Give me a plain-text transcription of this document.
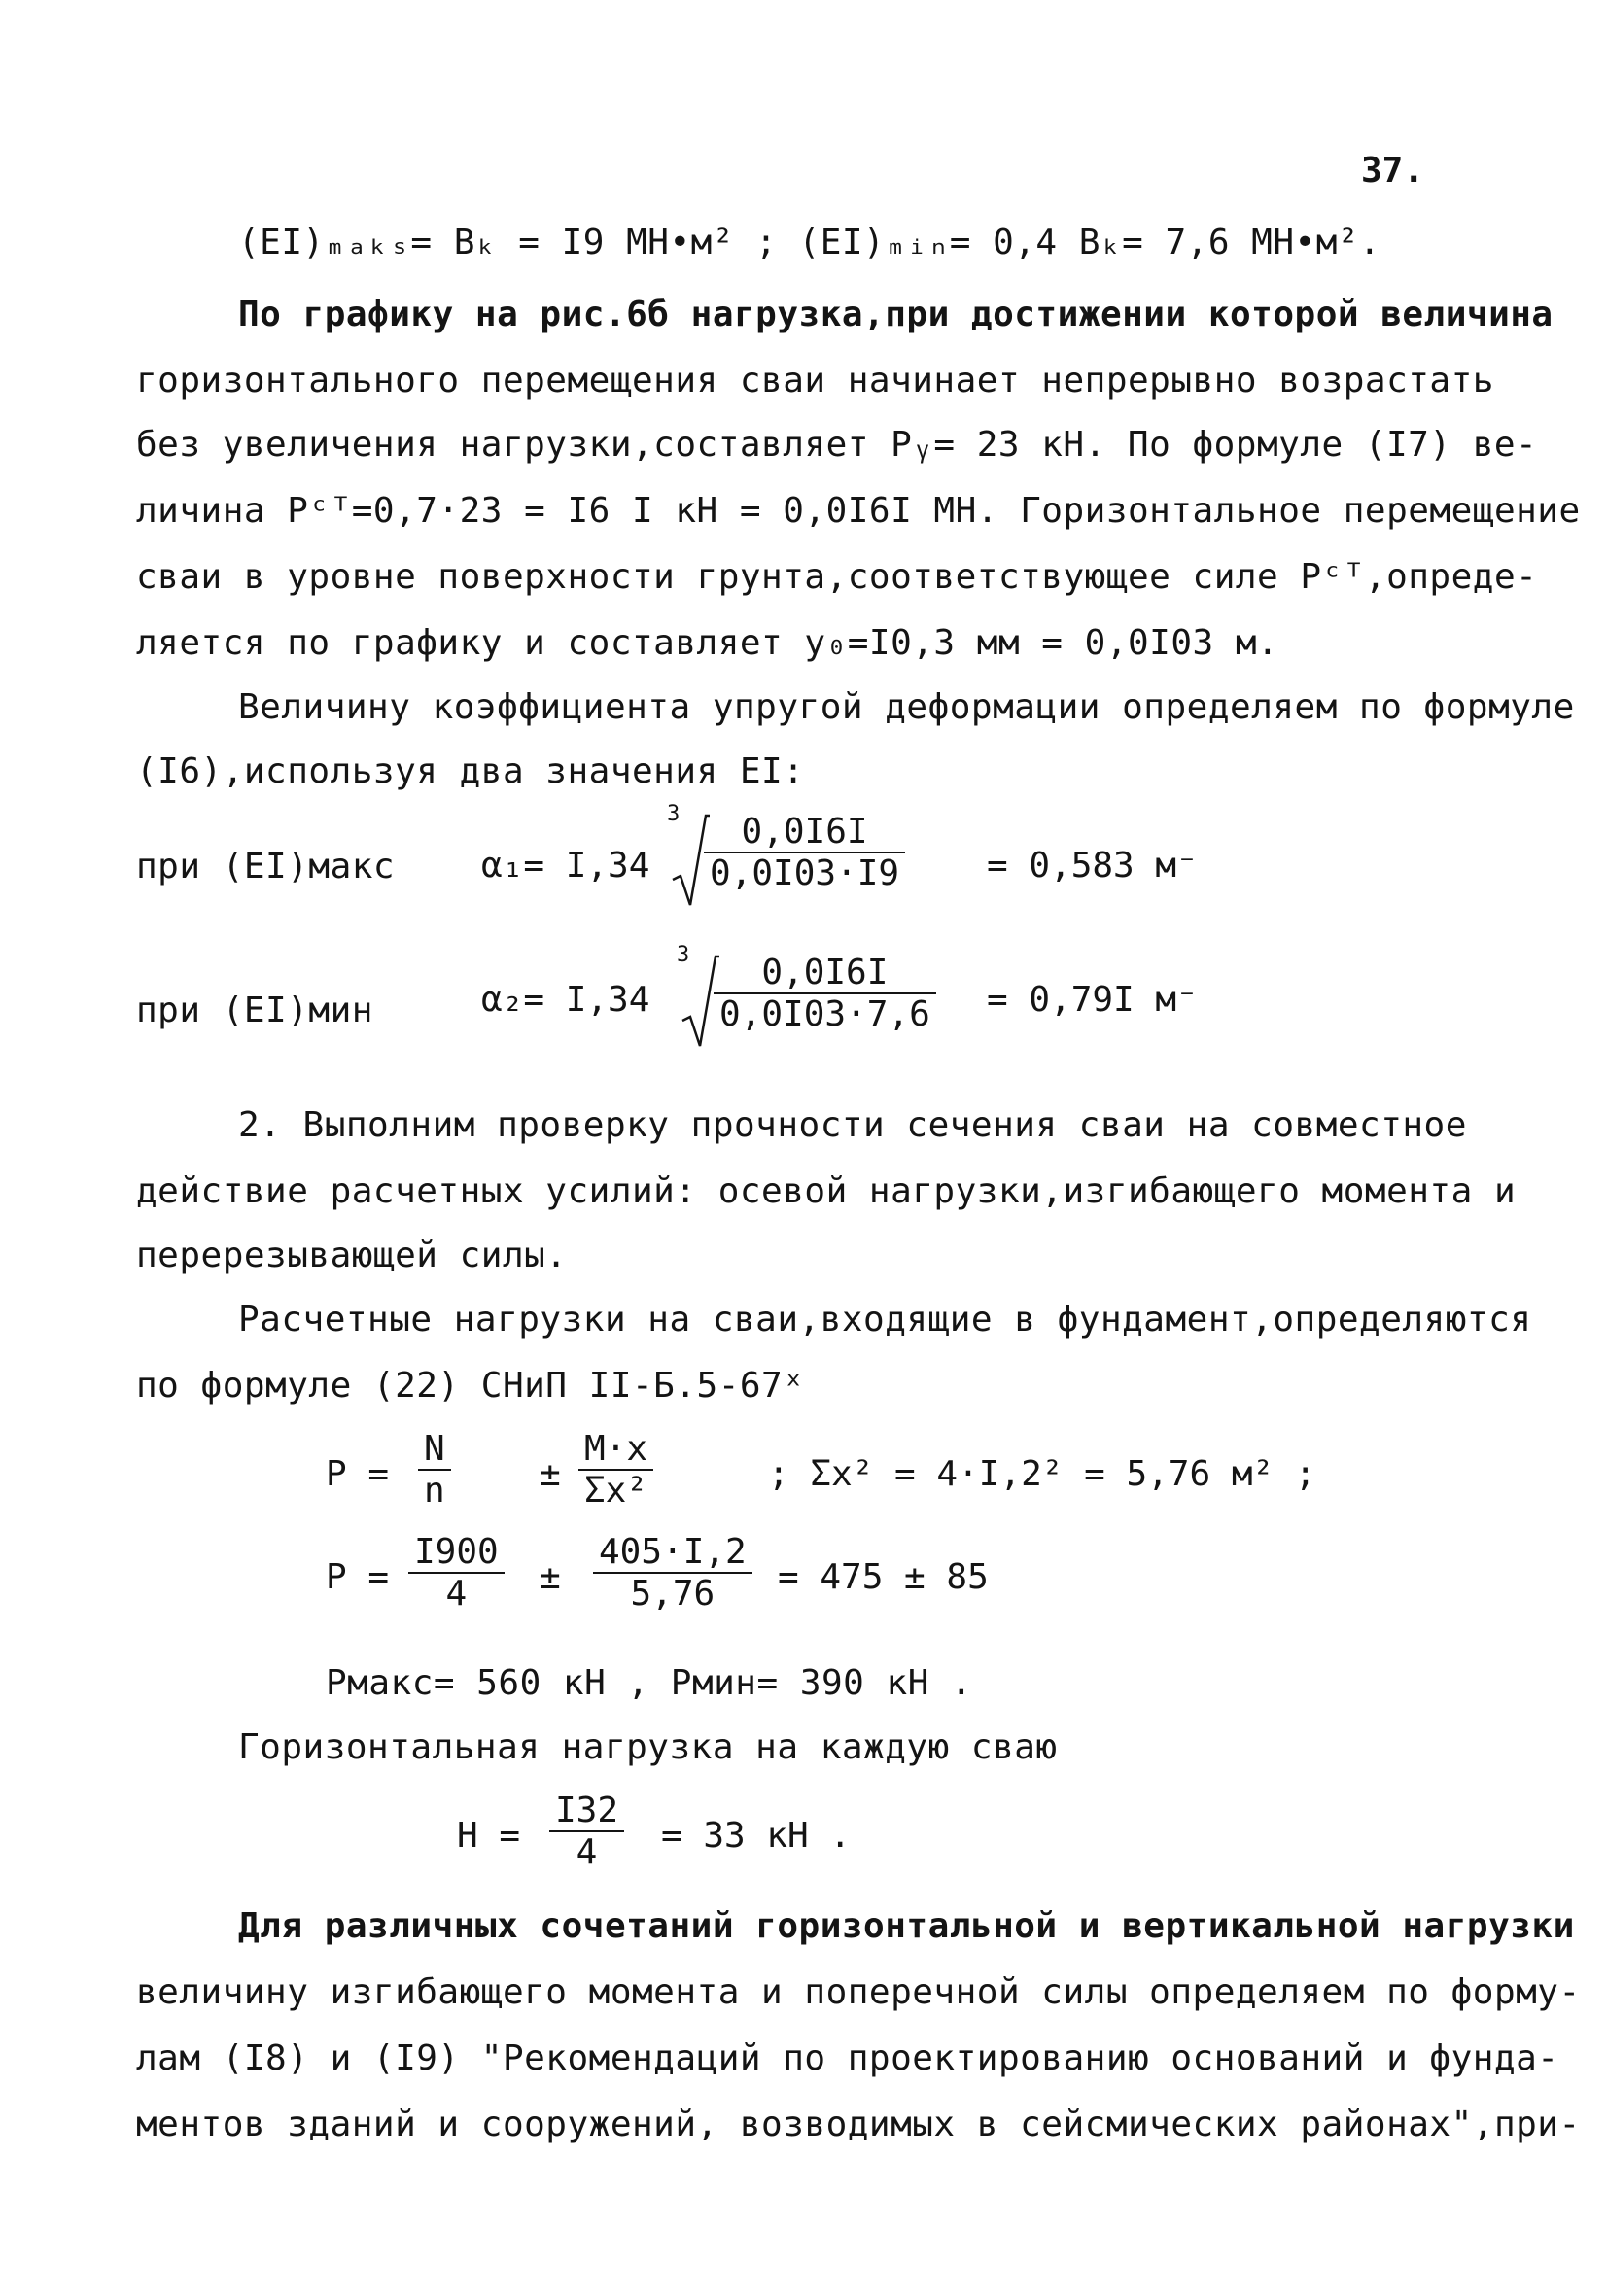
37.
(EI)ₘₐₖₛ= Bₖ = I9 МН•м² ; (EI)ₘᵢₙ= 0,4 Bₖ= 7,6 МН•м².
По графику на рис.6б нагрузка,при достижении которой величина
горизонтального перемещения сваи начинает непрерывно возрастать
без увеличения нагрузки,составляет Pᵧ= 23 кН. По формуле (I7) ве-
личина Pᶜᵀ=0,7·23 = I6 I кН = 0,0I6I МН. Горизонтальное перемещение
сваи в уровне поверхности грунта,соответствующее силе Pᶜᵀ,опреде-
ляется по графику и составляет y₀=I0,3 мм = 0,0I03 м.
Величину коэффициента упругой деформации определяем по формуле
(I6),используя два значения EI:
при (EI)макс α₁= I,34
$3 \frac{0,0I6I}{0,0I03\cdot I9} = 0,583$ м⁻
при (EI)мин	α₂= I,34
$3 \frac{0,0I6I}{0,0I03\cdot 7,6} = 0,79I$ м⁻
2. Выполним проверку прочности сечения сваи на совместное
действие расчетных усилий: осевой нагрузки,изгибающего момента и
перерезывающей силы.
Расчетные нагрузки на сваи,входящие в фундамент,определяются
по формуле (22) СНиП II-Б.5-67ˣ
$P = \frac{N}{n}$	± $\frac{M\cdot x}{\text{Σx²}}$	; Σx² = 4·I,2² = 5,76 м² ;
$P = \frac{I900}{4} \pm \frac{405\cdot I,2}{5,76} = 475 \pm 85$
Pмакс= 560 кН , Pмин= 390 кН .
Горизонтальная нагрузка на каждую сваю
$H = \frac{I32}{4} = 33$ кН .
Для различных сочетаний горизонтальной и вертикальной нагрузки
величину изгибающего момента и поперечной силы определяем по форму-
лам (I8) и (I9) "Рекомендаций по проектированию оснований и фунда-
ментов зданий и сооружений, возводимых в сейсмических районах",при-
